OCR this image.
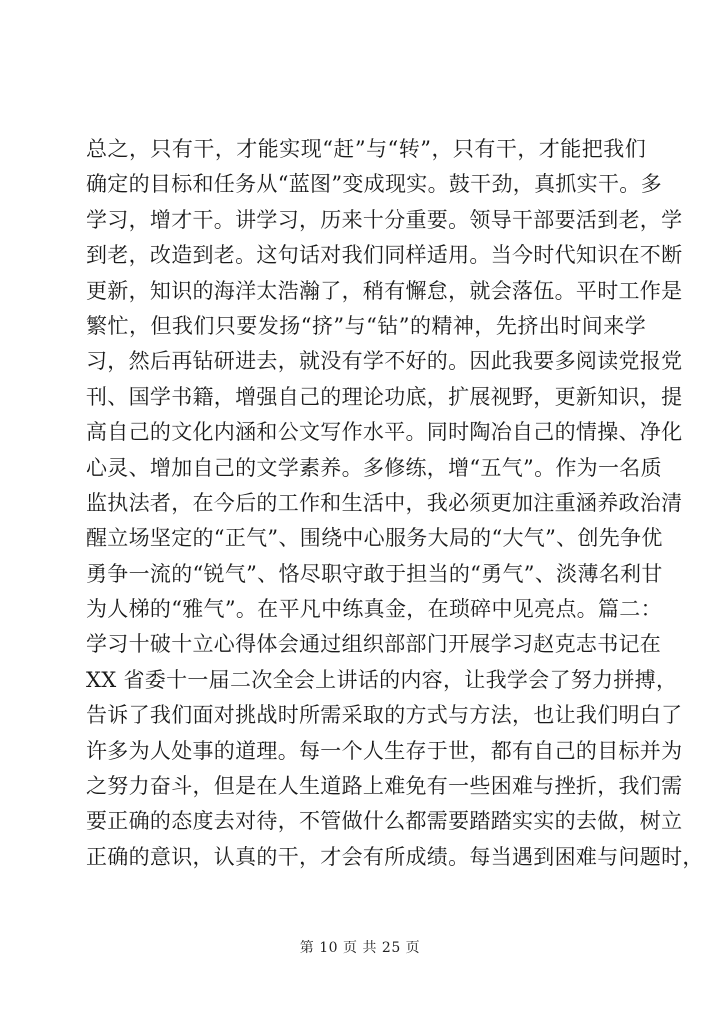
总之，只有干，才能实现“赶”与“转”，只有干，才能把我们
确定的目标和任务从“蓝图”变成现实。鼓干劲，真抓实干。多
学习，增才干。讲学习，历来十分重要。领导干部要活到老，学
到老，改造到老。这句话对我们同样适用。当今时代知识在不断
更新，知识的海洋太浩瀚了，稍有懈怠，就会落伍。平时工作是
繁忙，但我们只要发扬“挤”与“钻”的精神，先挤出时间来学
习，然后再钻研进去，就没有学不好的。因此我要多阅读党报党
刊、国学书籍，增强自己的理论功底，扩展视野，更新知识，提
高自己的文化内涵和公文写作水平。同时陶冶自己的情操、净化
心灵、增加自己的文学素养。多修练，增“五气”。作为一名质
监执法者，在今后的工作和生活中，我必须更加注重涵养政治清
醒立场坚定的“正气”、围绕中心服务大局的“大气”、创先争优
勇争一流的“锐气”、恪尽职守敢于担当的“勇气”、淡薄名利甘
为人梯的“雅气”。在平凡中练真金，在琐碎中见亮点。篇二：
学习十破十立心得体会通过组织部部门开展学习赵克志书记在
XX 省委十一届二次全会上讲话的内容，让我学会了努力拼搏，
告诉了我们面对挑战时所需采取的方式与方法，也让我们明白了
许多为人处事的道理。每一个人生存于世，都有自己的目标并为
之努力奋斗，但是在人生道路上难免有一些困难与挫折，我们需
要正确的态度去对待，不管做什么都需要踏踏实实的去做，树立
正确的意识，认真的干，才会有所成绩。每当遇到困难与问题时，
第 10 页 共 25 页
